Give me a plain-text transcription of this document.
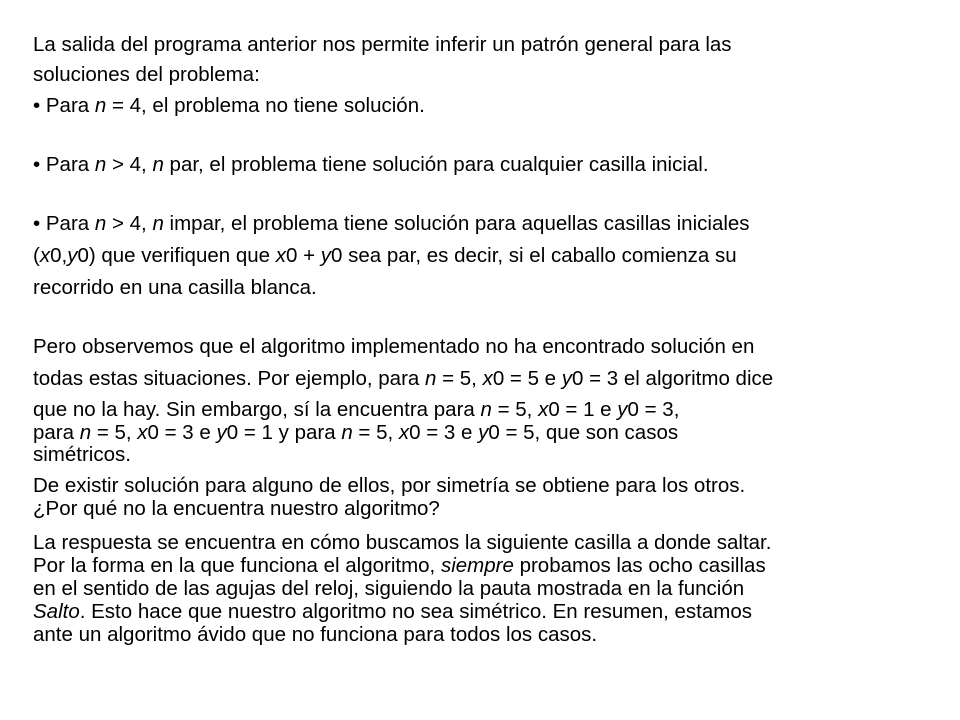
La salida del programa anterior nos permite inferir un patrón general para las

soluciones del problema:

• Para n = 4, el problema no tiene solución.

• Para n > 4, n par, el problema tiene solución para cualquier casilla inicial.

• Para n > 4, n impar, el problema tiene solución para aquellas casillas iniciales

(x0,y0) que verifiquen que x0 + y0 sea par, es decir, si el caballo comienza su

recorrido en una casilla blanca.

Pero observemos que el algoritmo implementado no ha encontrado solución en

todas estas situaciones. Por ejemplo, para n = 5, x0 = 5 e y0 = 3 el algoritmo dice

que no la hay. Sin embargo, sí la encuentra para n = 5, x0 = 1 e y0 = 3,

para n = 5, x0 = 3 e y0 = 1 y para n = 5, x0 = 3 e y0 = 5, que son casos

simétricos.

De existir solución para alguno de ellos, por simetría se obtiene para los otros.

¿Por qué no la encuentra nuestro algoritmo?

La respuesta se encuentra en cómo buscamos la siguiente casilla a donde saltar.

Por la forma en la que funciona el algoritmo, siempre probamos las ocho casillas

en el sentido de las agujas del reloj, siguiendo la pauta mostrada en la función

Salto. Esto hace que nuestro algoritmo no sea simétrico. En resumen, estamos

ante un algoritmo ávido que no funciona para todos los casos.
